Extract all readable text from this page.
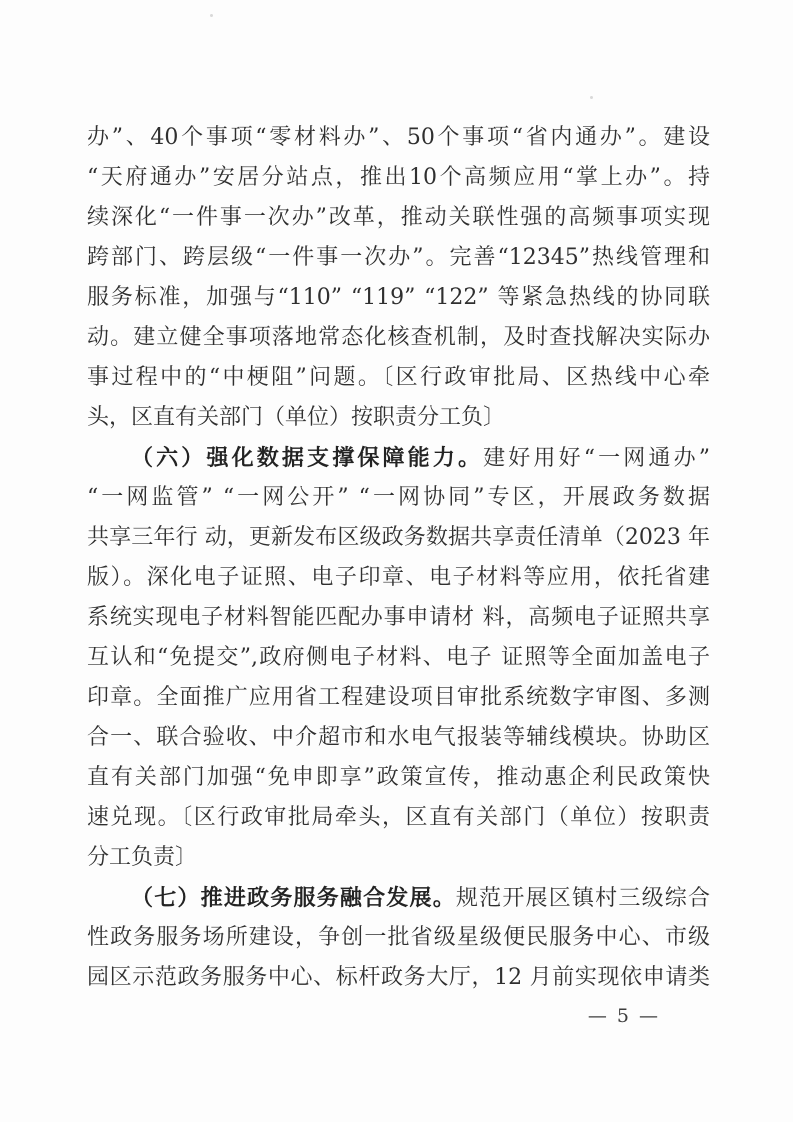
办”、40个事项“零材料办”、50个事项“省内通办”。建设
“天府通办”安居分站点，推出10个高频应用“掌上办”。持
续深化“一件事一次办”改革，推动关联性强的高频事项实现
跨部门、跨层级“一件事一次办”。完善“12345”热线管理和
服务标准，加强与“110” “119” “122” 等紧急热线的协同联
动。建立健全事项落地常态化核查机制，及时查找解决实际办
事过程中的“中梗阻”问题。〔区行政审批局、区热线中心牵
头，区直有关部门（单位）按职责分工负〕
（六）强化数据支撑保障能力。建好用好“一网通办”
“一网监管” “一网公开” “一网协同”专区，开展政务数据
共享三年行 动，更新发布区级政务数据共享责任清单（2023 年
版）。深化电子证照、电子印章、电子材料等应用，依托省建
系统实现电子材料智能匹配办事申请材 料，高频电子证照共享
互认和“免提交”,政府侧电子材料、电子 证照等全面加盖电子
印章。全面推广应用省工程建设项目审批系统数字审图、多测
合一、联合验收、中介超市和水电气报装等辅线模块。协助区
直有关部门加强“免申即享”政策宣传，推动惠企利民政策快
速兑现。〔区行政审批局牵头，区直有关部门（单位）按职责
分工负责〕
（七）推进政务服务融合发展。规范开展区镇村三级综合
性政务服务场所建设，争创一批省级星级便民服务中心、市级
园区示范政务服务中心、标杆政务大厅，12 月前实现依申请类
— 5 —
